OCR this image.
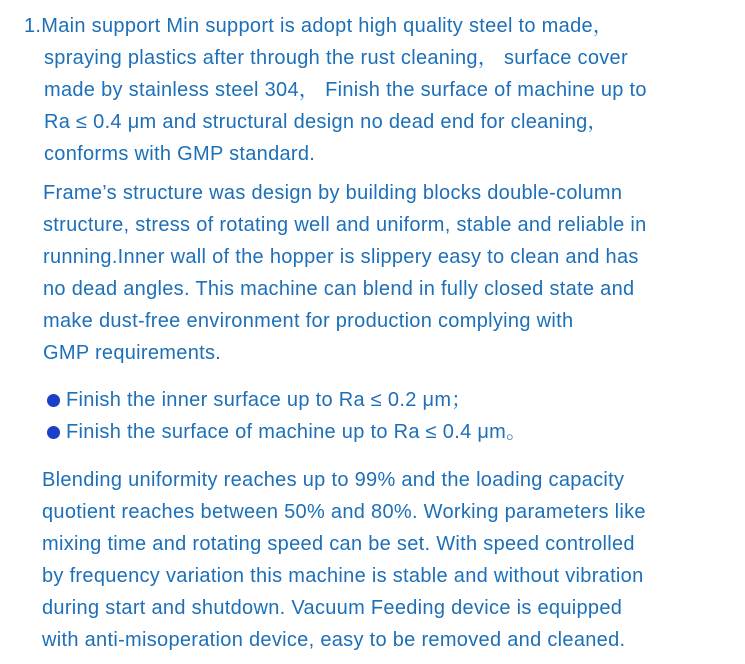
1.Main support Min support is adopt high quality steel to made，
spraying plastics after through the rust cleaning， surface cover
made by stainless steel 304， Finish the surface of machine up to
Ra ≤ 0.4 μm and structural design no dead end for cleaning，
conforms with GMP standard.
Frame’s structure was design by building blocks double-column
structure, stress of rotating well and uniform, stable and reliable in
running.Inner wall of the hopper is slippery easy to clean and has
no dead angles. This machine can blend in fully closed state and
make dust-free environment for production complying with
GMP requirements.
Finish the inner surface up to Ra ≤ 0.2 μm；
Finish the surface of machine up to Ra ≤ 0.4 μm。
Blending uniformity reaches up to 99% and the loading capacity
quotient reaches between 50% and 80%. Working parameters like
mixing time and rotating speed can be set. With speed controlled
by frequency variation this machine is stable and without vibration
during start and shutdown. Vacuum Feeding device is equipped
with anti-misoperation device, easy to be removed and cleaned.
